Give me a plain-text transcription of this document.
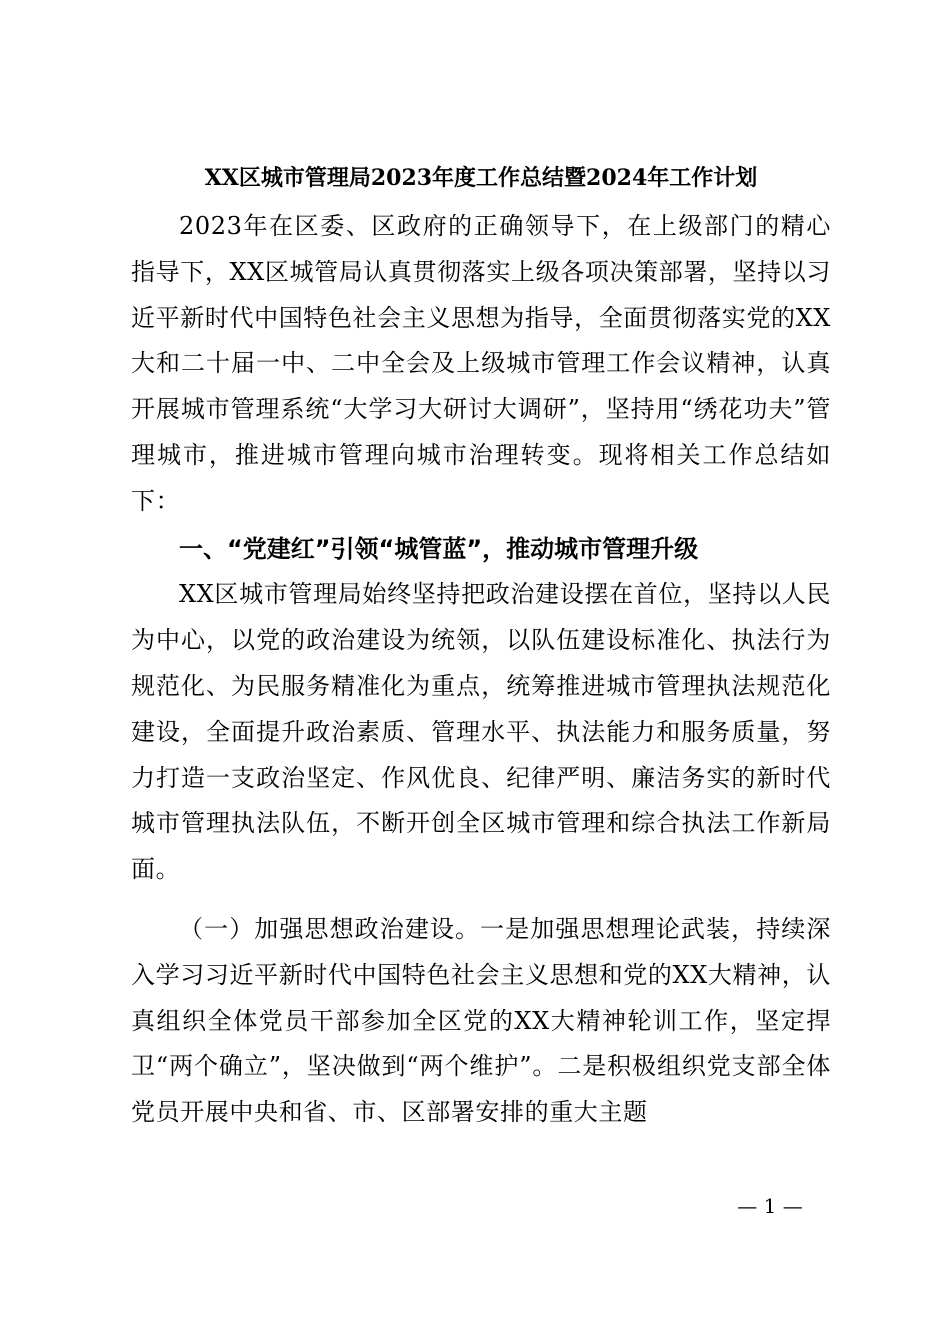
XX区城市管理局2023年度工作总结暨2024年工作计划

2023年在区委、区政府的正确领导下，在上级部门的精心指导下，XX区城管局认真贯彻落实上级各项决策部署，坚持以习近平新时代中国特色社会主义思想为指导，全面贯彻落实党的XX大和二十届一中、二中全会及上级城市管理工作会议精神，认真开展城市管理系统“大学习大研讨大调研”，坚持用“绣花功夫”管理城市，推进城市管理向城市治理转变。现将相关工作总结如下：

一、“党建红”引领“城管蓝”，推动城市管理升级

XX区城市管理局始终坚持把政治建设摆在首位，坚持以人民为中心，以党的政治建设为统领，以队伍建设标准化、执法行为规范化、为民服务精准化为重点，统筹推进城市管理执法规范化建设，全面提升政治素质、管理水平、执法能力和服务质量，努力打造一支政治坚定、作风优良、纪律严明、廉洁务实的新时代城市管理执法队伍，不断开创全区城市管理和综合执法工作新局面。

（一）加强思想政治建设。一是加强思想理论武装，持续深入学习习近平新时代中国特色社会主义思想和党的XX大精神，认真组织全体党员干部参加全区党的XX大精神轮训工作，坚定捍卫“两个确立”，坚决做到“两个维护”。二是积极组织党支部全体党员开展中央和省、市、区部署安排的重大主题

— 1 —
